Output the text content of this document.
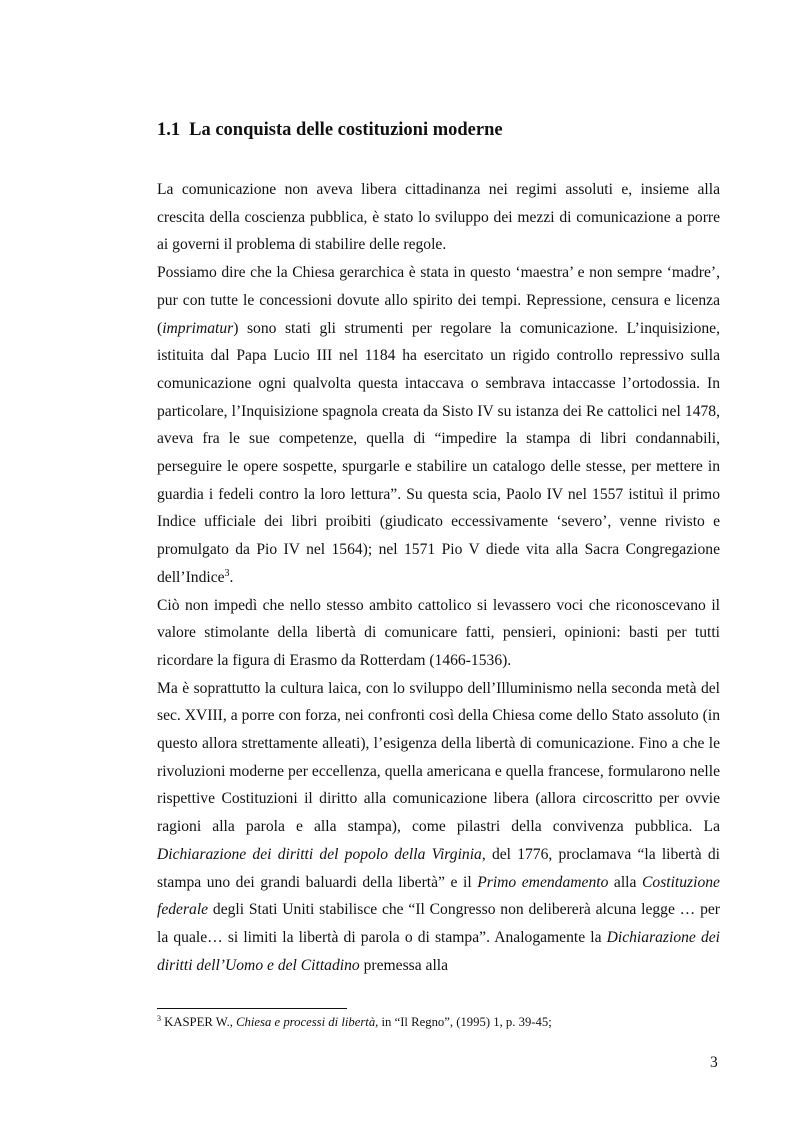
1.1 La conquista delle costituzioni moderne

La comunicazione non aveva libera cittadinanza nei regimi assoluti e, insieme alla crescita della coscienza pubblica, è stato lo sviluppo dei mezzi di comunicazione a porre ai governi il problema di stabilire delle regole.

Possiamo dire che la Chiesa gerarchica è stata in questo ‘maestra’ e non sempre ‘madre’, pur con tutte le concessioni dovute allo spirito dei tempi. Repressione, censura e licenza (imprimatur) sono stati gli strumenti per regolare la comunicazione. L’inquisizione, istituita dal Papa Lucio III nel 1184 ha esercitato un rigido controllo repressivo sulla comunicazione ogni qualvolta questa intaccava o sembrava intaccasse l’ortodossia. In particolare, l’Inquisizione spagnola creata da Sisto IV su istanza dei Re cattolici nel 1478, aveva fra le sue competenze, quella di “impedire la stampa di libri condannabili, perseguire le opere sospette, spurgarle e stabilire un catalogo delle stesse, per mettere in guardia i fedeli contro la loro lettura”. Su questa scia, Paolo IV nel 1557 istituì il primo Indice ufficiale dei libri proibiti (giudicato eccessivamente ‘severo’, venne rivisto e promulgato da Pio IV nel 1564); nel 1571 Pio V diede vita alla Sacra Congregazione dell’Indice$^3$.

Ciò non impedì che nello stesso ambito cattolico si levassero voci che riconoscevano il valore stimolante della libertà di comunicare fatti, pensieri, opinioni: basti per tutti ricordare la figura di Erasmo da Rotterdam (1466-1536).

Ma è soprattutto la cultura laica, con lo sviluppo dell’Illuminismo nella seconda metà del sec. XVIII, a porre con forza, nei confronti così della Chiesa come dello Stato assoluto (in questo allora strettamente alleati), l’esigenza della libertà di comunicazione. Fino a che le rivoluzioni moderne per eccellenza, quella americana e quella francese, formularono nelle rispettive Costituzioni il diritto alla comunicazione libera (allora circoscritto per ovvie ragioni alla parola e alla stampa), come pilastri della convivenza pubblica. La Dichiarazione dei diritti del popolo della Virginia, del 1776, proclamava “la libertà di stampa uno dei grandi baluardi della libertà” e il Primo emendamento alla Costituzione federale degli Stati Uniti stabilisce che “Il Congresso non delibererà alcuna legge … per la quale… si limiti la libertà di parola o di stampa”. Analogamente la Dichiarazione dei diritti dell’Uomo e del Cittadino premessa alla

$^3$ KASPER W., Chiesa e processi di libertà, in “Il Regno”, (1995) 1, p. 39-45;
3
